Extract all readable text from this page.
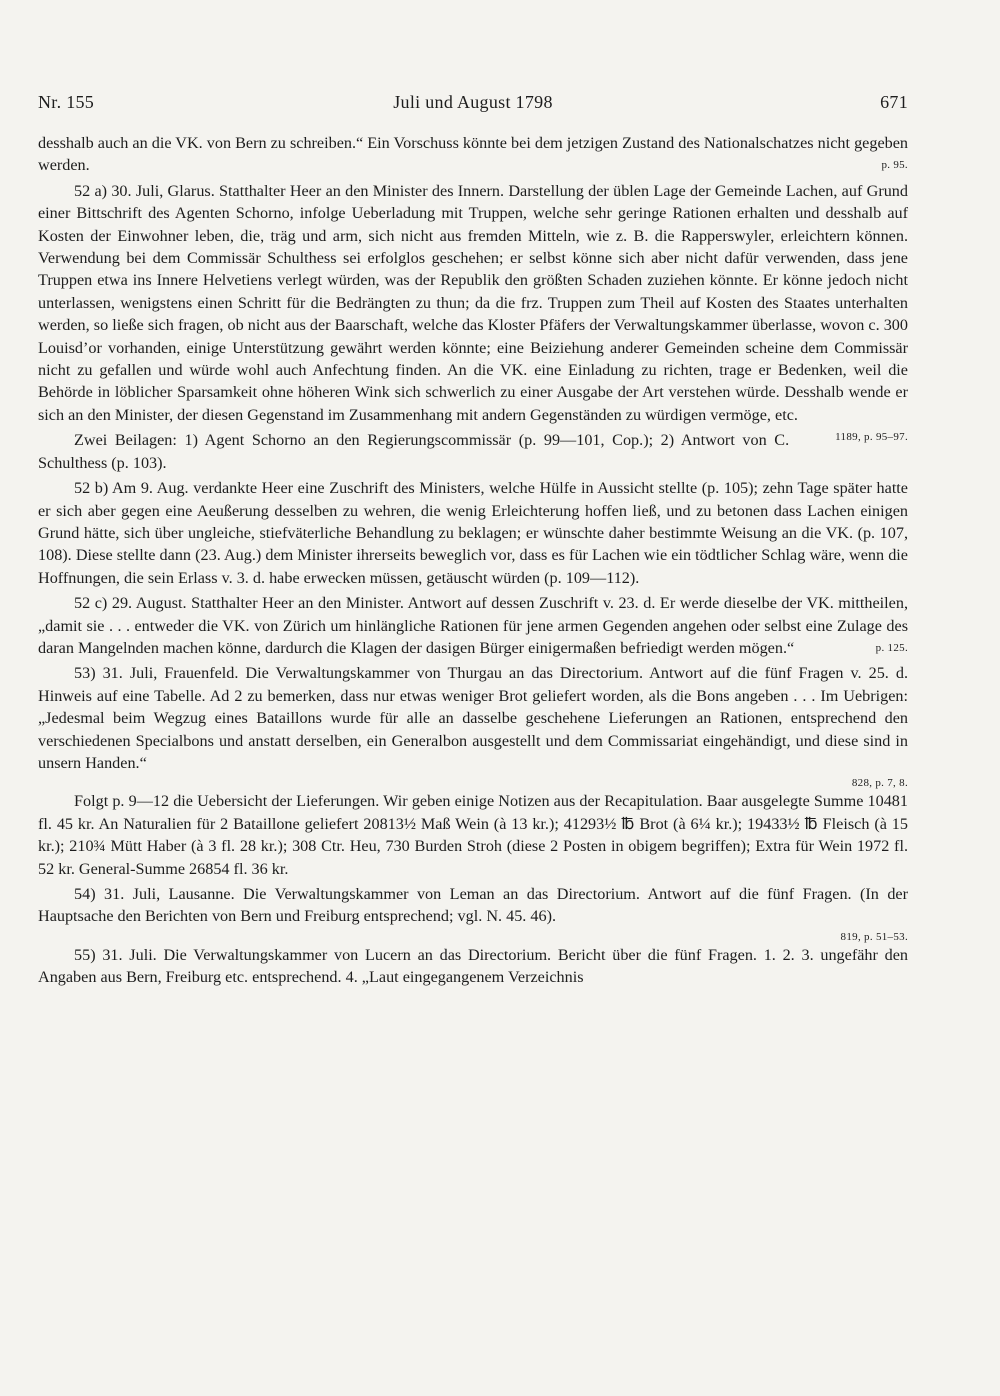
Nr. 155	Juli und August 1798	671

desshalb auch an die VK. von Bern zu schreiben.“ Ein Vorschuss könnte bei dem jetzigen Zustand des Nationalschatzes nicht gegeben werden.	p. 95.

52 a) 30. Juli, Glarus. Statthalter Heer an den Minister des Innern. Darstellung der üblen Lage der Gemeinde Lachen, auf Grund einer Bittschrift des Agenten Schorno, infolge Ueberladung mit Truppen, welche sehr geringe Rationen erhalten und desshalb auf Kosten der Einwohner leben, die, träg und arm, sich nicht aus fremden Mitteln, wie z. B. die Rapperswyler, erleichtern können. Verwendung bei dem Commissär Schulthess sei erfolglos geschehen; er selbst könne sich aber nicht dafür verwenden, dass jene Truppen etwa ins Innere Helvetiens verlegt würden, was der Republik den größten Schaden zuziehen könnte. Er könne jedoch nicht unterlassen, wenigstens einen Schritt für die Bedrängten zu thun; da die frz. Truppen zum Theil auf Kosten des Staates unterhalten werden, so ließe sich fragen, ob nicht aus der Baarschaft, welche das Kloster Pfäfers der Verwaltungskammer überlasse, wovon c. 300 Louisd’or vorhanden, einige Unterstützung gewährt werden könnte; eine Beiziehung anderer Gemeinden scheine dem Commissär nicht zu gefallen und würde wohl auch Anfechtung finden. An die VK. eine Einladung zu richten, trage er Bedenken, weil die Behörde in löblicher Sparsamkeit ohne höheren Wink sich schwerlich zu einer Ausgabe der Art verstehen würde. Desshalb wende er sich an den Minister, der diesen Gegenstand im Zusammenhang mit andern Gegenständen zu würdigen vermöge, etc.
1189, p. 95–97.

Zwei Beilagen: 1) Agent Schorno an den Regierungscommissär (p. 99—101, Cop.); 2) Antwort von C. Schulthess (p. 103).

52 b) Am 9. Aug. verdankte Heer eine Zuschrift des Ministers, welche Hülfe in Aussicht stellte (p. 105); zehn Tage später hatte er sich aber gegen eine Aeußerung desselben zu wehren, die wenig Erleichterung hoffen ließ, und zu betonen dass Lachen einigen Grund hätte, sich über ungleiche, stiefväterliche Behandlung zu beklagen; er wünschte daher bestimmte Weisung an die VK. (p. 107, 108). Diese stellte dann (23. Aug.) dem Minister ihrerseits beweglich vor, dass es für Lachen wie ein tödtlicher Schlag wäre, wenn die Hoffnungen, die sein Erlass v. 3. d. habe erwecken müssen, getäuscht würden (p. 109—112).

52 c) 29. August. Statthalter Heer an den Minister. Antwort auf dessen Zuschrift v. 23. d. Er werde dieselbe der VK. mittheilen, „damit sie . . . entweder die VK. von Zürich um hinlängliche Rationen für jene armen Gegenden angehen oder selbst eine Zulage des daran Mangelnden machen könne, dardurch die Klagen der dasigen Bürger einigermaßen befriedigt werden mögen.“	p. 125.

53) 31. Juli, Frauenfeld. Die Verwaltungskammer von Thurgau an das Directorium. Antwort auf die fünf Fragen v. 25. d. Hinweis auf eine Tabelle. Ad 2 zu bemerken, dass nur etwas weniger Brot geliefert worden, als die Bons angeben . . . Im Uebrigen: „Jedesmal beim Wegzug eines Bataillons wurde für alle an dasselbe geschehene Lieferungen an Rationen, entsprechend den verschiedenen Specialbons und anstatt derselben, ein Generalbon ausgestellt und dem Commissariat eingehändigt, und diese sind in unsern Handen.“

828, p. 7, 8.

Folgt p. 9—12 die Uebersicht der Lieferungen. Wir geben einige Notizen aus der Recapitulation. Baar ausgelegte Summe 10481 fl. 45 kr. An Naturalien für 2 Bataillone geliefert 20813½ Maß Wein (à 13 kr.); 41293½ ℔ Brot (à 6¼ kr.); 19433½ ℔ Fleisch (à 15 kr.); 210¾ Mütt Haber (à 3 fl. 28 kr.); 308 Ctr. Heu, 730 Burden Stroh (diese 2 Posten in obigem begriffen); Extra für Wein 1972 fl. 52 kr. General-Summe 26854 fl. 36 kr.

54) 31. Juli, Lausanne. Die Verwaltungskammer von Leman an das Directorium. Antwort auf die fünf Fragen. (In der Hauptsache den Berichten von Bern und Freiburg entsprechend; vgl. N. 45. 46).

819, p. 51–53.

55) 31. Juli. Die Verwaltungskammer von Lucern an das Directorium. Bericht über die fünf Fragen. 1. 2. 3. ungefähr den Angaben aus Bern, Freiburg etc. entsprechend. 4. „Laut eingegangenem Verzeichnis
